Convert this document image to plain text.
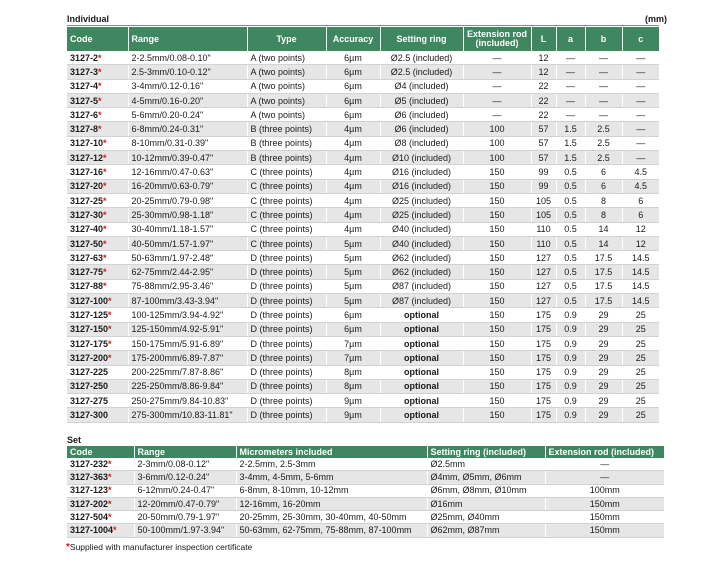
Individual	(mm)
Code	Range	Type	Accuracy	Setting ring	Extension rod (included)	L	a	b	c
3127-2*	2-2.5mm/0.08-0.10"	A (two points)	6µm	Ø2.5 (included)	—	12	—	—	—
3127-3*	2.5-3mm/0.10-0.12"	A (two points)	6µm	Ø2.5 (included)	—	12	—	—	—
3127-4*	3-4mm/0.12-0.16"	A (two points)	6µm	Ø4 (included)	—	22	—	—	—
3127-5*	4-5mm/0.16-0.20"	A (two points)	6µm	Ø5 (included)	—	22	—	—	—
3127-6*	5-6mm/0.20-0.24"	A (two points)	6µm	Ø6 (included)	—	22	—	—	—
3127-8*	6-8mm/0.24-0.31"	B (three points)	4µm	Ø6 (included)	100	57	1.5	2.5	—
3127-10*	8-10mm/0.31-0.39"	B (three points)	4µm	Ø8 (included)	100	57	1.5	2.5	—
3127-12*	10-12mm/0.39-0.47"	B (three points)	4µm	Ø10 (included)	100	57	1.5	2.5	—
3127-16*	12-16mm/0.47-0.63"	C (three points)	4µm	Ø16 (included)	150	99	0.5	6	4.5
3127-20*	16-20mm/0.63-0.79"	C (three points)	4µm	Ø16 (included)	150	99	0.5	6	4.5
3127-25*	20-25mm/0.79-0.98"	C (three points)	4µm	Ø25 (included)	150	105	0.5	8	6
3127-30*	25-30mm/0.98-1.18"	C (three points)	4µm	Ø25 (included)	150	105	0.5	8	6
3127-40*	30-40mm/1.18-1.57"	C (three points)	4µm	Ø40 (included)	150	110	0.5	14	12
3127-50*	40-50mm/1.57-1.97"	C (three points)	5µm	Ø40 (included)	150	110	0.5	14	12
3127-63*	50-63mm/1.97-2.48"	D (three points)	5µm	Ø62 (included)	150	127	0.5	17.5	14.5
3127-75*	62-75mm/2.44-2.95"	D (three points)	5µm	Ø62 (included)	150	127	0.5	17.5	14.5
3127-88*	75-88mm/2.95-3.46"	D (three points)	5µm	Ø87 (included)	150	127	0.5	17.5	14.5
3127-100*	87-100mm/3.43-3.94"	D (three points)	5µm	Ø87 (included)	150	127	0.5	17.5	14.5
3127-125*	100-125mm/3.94-4.92"	D (three points)	6µm	optional	150	175	0.9	29	25
3127-150*	125-150mm/4.92-5.91"	D (three points)	6µm	optional	150	175	0.9	29	25
3127-175*	150-175mm/5.91-6.89"	D (three points)	7µm	optional	150	175	0.9	29	25
3127-200*	175-200mm/6.89-7.87"	D (three points)	7µm	optional	150	175	0.9	29	25
3127-225	200-225mm/7.87-8.86"	D (three points)	8µm	optional	150	175	0.9	29	25
3127-250	225-250mm/8.86-9.84"	D (three points)	8µm	optional	150	175	0.9	29	25
3127-275	250-275mm/9.84-10.83"	D (three points)	9µm	optional	150	175	0.9	29	25
3127-300	275-300mm/10.83-11.81"	D (three points)	9µm	optional	150	175	0.9	29	25
Set
Code	Range	Micrometers included	Setting ring (included)	Extension rod (included)
3127-232*	2-3mm/0.08-0.12"	2-2.5mm, 2.5-3mm	Ø2.5mm	—
3127-363*	3-6mm/0.12-0.24"	3-4mm, 4-5mm, 5-6mm	Ø4mm, Ø5mm, Ø6mm	—
3127-123*	6-12mm/0.24-0.47"	6-8mm, 8-10mm, 10-12mm	Ø6mm, Ø8mm, Ø10mm	100mm
3127-202*	12-20mm/0.47-0.79"	12-16mm, 16-20mm	Ø16mm	150mm
3127-504*	20-50mm/0.79-1.97"	20-25mm, 25-30mm, 30-40mm, 40-50mm	Ø25mm, Ø40mm	150mm
3127-1004*	50-100mm/1.97-3.94"	50-63mm, 62-75mm, 75-88mm, 87-100mm	Ø62mm, Ø87mm	150mm
*Supplied with manufacturer inspection certificate
